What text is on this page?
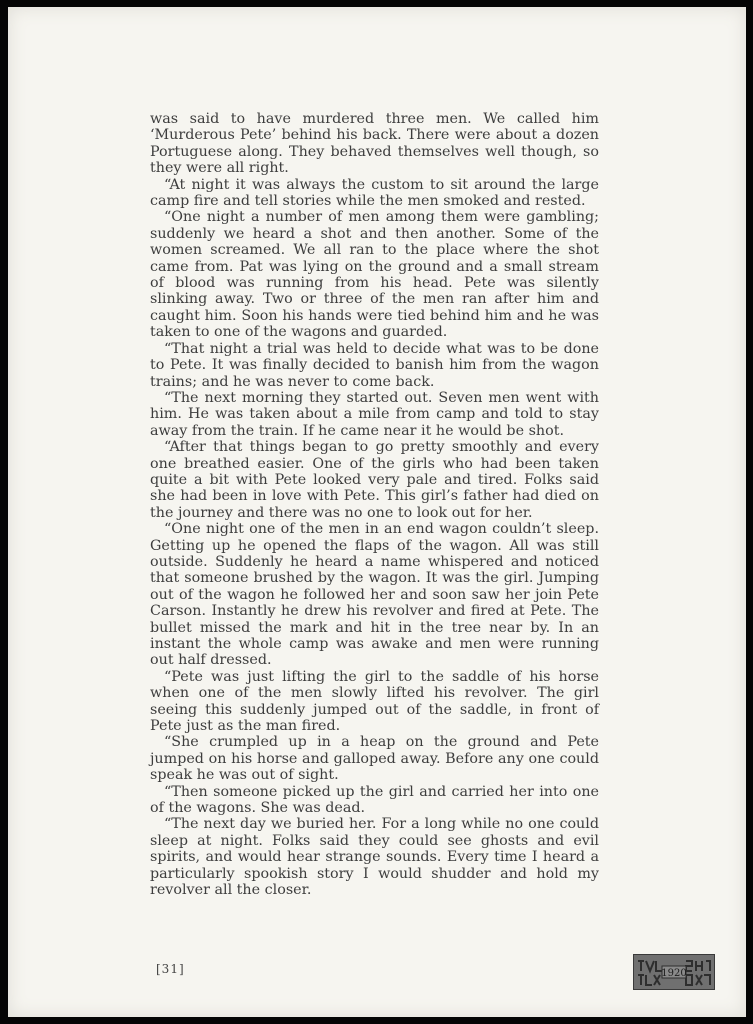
was said to have murdered three men. We called him ‘Murderous Pete’ behind his back. There were about a dozen Portuguese along. They behaved themselves well though, so they were all right.

“At night it was always the custom to sit around the large camp fire and tell stories while the men smoked and rested.

“One night a number of men among them were gambling; suddenly we heard a shot and then another. Some of the women screamed. We all ran to the place where the shot came from. Pat was lying on the ground and a small stream of blood was running from his head. Pete was silently slinking away. Two or three of the men ran after him and caught him. Soon his hands were tied behind him and he was taken to one of the wagons and guarded.

“That night a trial was held to decide what was to be done to Pete. It was finally decided to banish him from the wagon trains; and he was never to come back.

“The next morning they started out. Seven men went with him. He was taken about a mile from camp and told to stay away from the train. If he came near it he would be shot.

“After that things began to go pretty smoothly and every one breathed easier. One of the girls who had been taken quite a bit with Pete looked very pale and tired. Folks said she had been in love with Pete. This girl’s father had died on the journey and there was no one to look out for her.

“One night one of the men in an end wagon couldn’t sleep. Getting up he opened the flaps of the wagon. All was still outside. Suddenly he heard a name whispered and noticed that someone brushed by the wagon. It was the girl. Jumping out of the wagon he followed her and soon saw her join Pete Carson. Instantly he drew his revolver and fired at Pete. The bullet missed the mark and hit in the tree near by. In an instant the whole camp was awake and men were running out half dressed.

“Pete was just lifting the girl to the saddle of his horse when one of the men slowly lifted his revolver. The girl seeing this suddenly jumped out of the saddle, in front of Pete just as the man fired.

“She crumpled up in a heap on the ground and Pete jumped on his horse and galloped away. Before any one could speak he was out of sight.

“Then someone picked up the girl and carried her into one of the wagons. She was dead.

“The next day we buried her. For a long while no one could sleep at night. Folks said they could see ghosts and evil spirits, and would hear strange sounds. Every time I heard a particularly spookish story I would shudder and hold my revolver all the closer.

[31]	1920
